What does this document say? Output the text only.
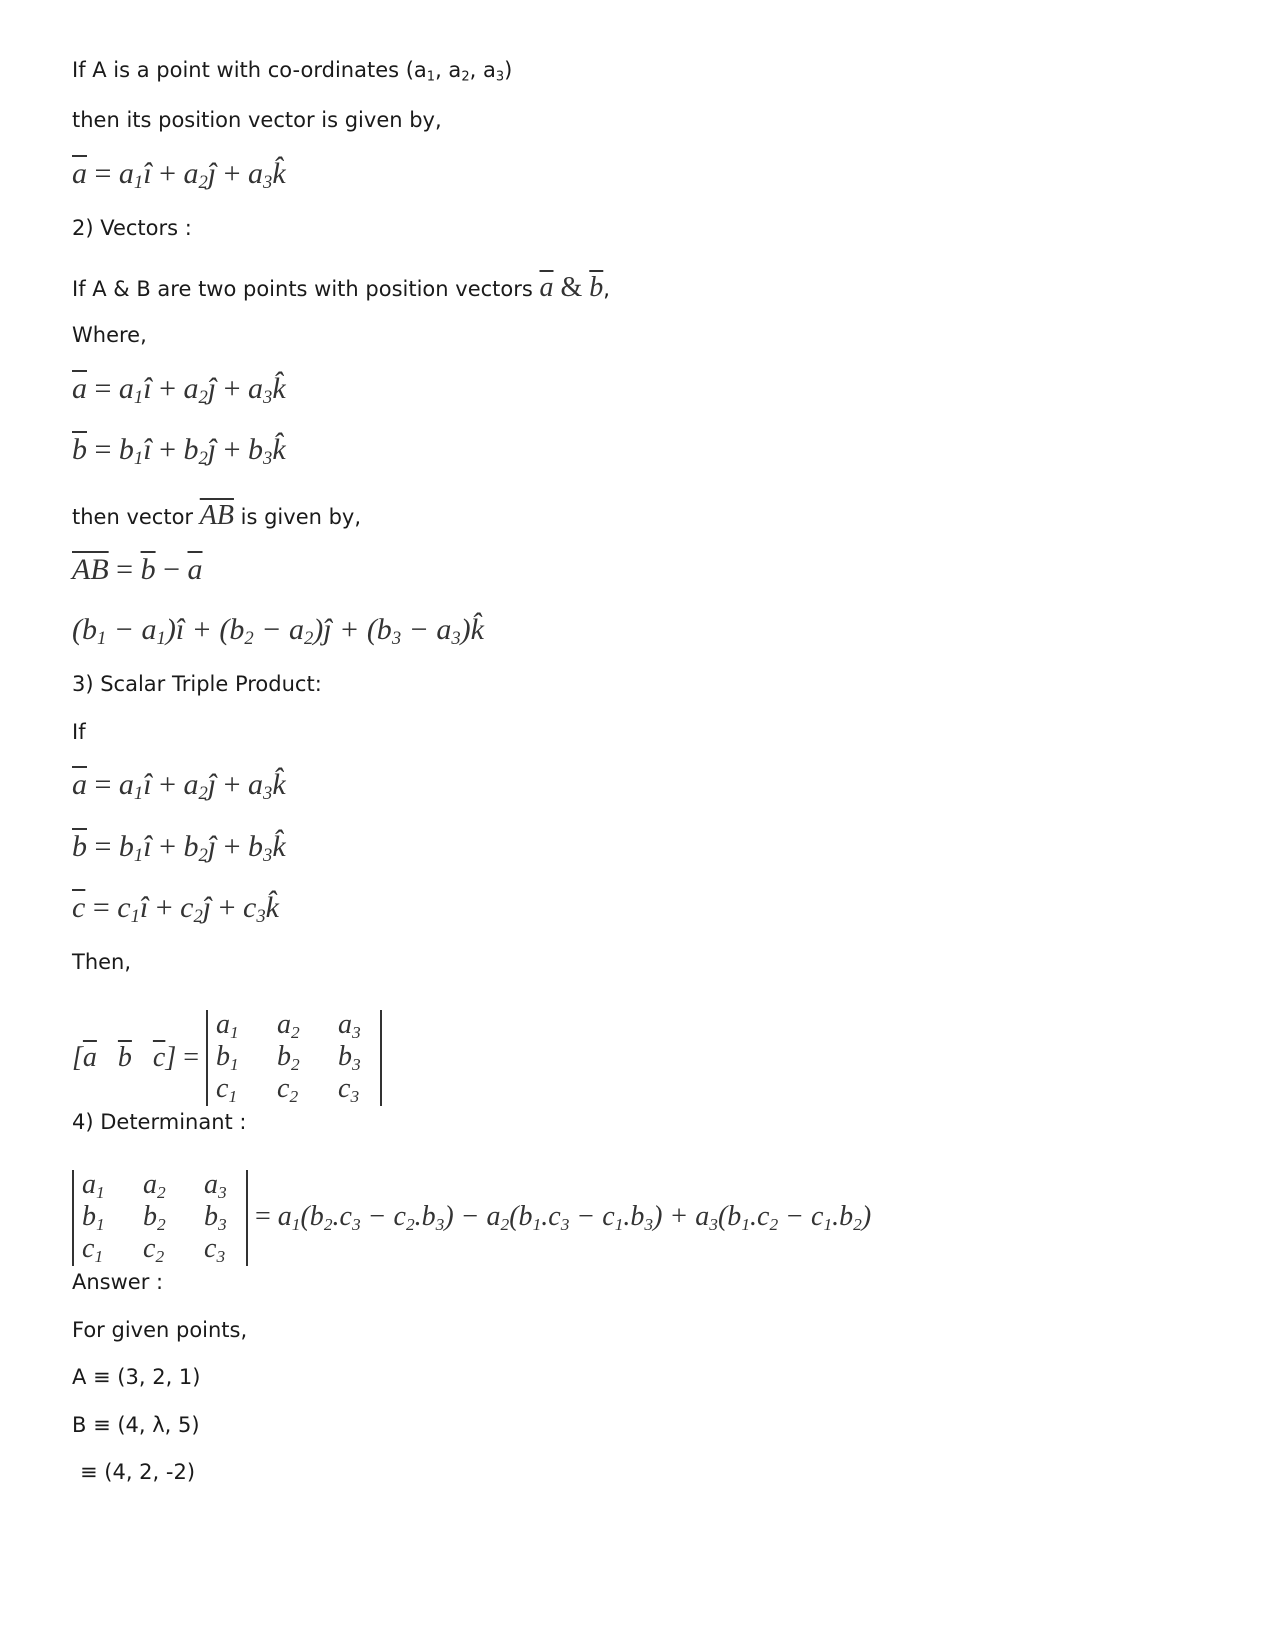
If A is a point with co-ordinates ($a_1$, $a_2$, $a_3$)
then its position vector is given by,
$\overline{a}$ = $a_1î$ + $a_2ĵ$ + $a_3k̂$
2) Vectors :
If A & B are two points with position vectors $\overline{a}$ & $\overline{b}$,
Where,
$\overline{a}$ = $a_1î$ + $a_2ĵ$ + $a_3k̂$
$\overline{b}$ = $b_1î$ + $b_2ĵ$ + $b_3k̂$
then vector $\overline{AB}$ is given by,
$\overline{AB} = \overline{b} - \overline{a}$
($b_1$ − $a_1)î + (b_2$ − $a_2)ĵ + (b_3$ − $a_3)k̂$
3) Scalar Triple Product:
If
$\overline{a}$ = $a_1î$ + $a_2ĵ$ + $a_3k̂$
$\overline{b}$ = $b_1î$ + $b_2ĵ$ + $b_3k̂$
$\overline{c}$ = $c_1î$ + $c_2ĵ$ + $c_3k̂$
Then,
[$\overline{a}$ $\overline{b}$ $\overline{c}$] =
$a_1$	$a_2$	$a_3$
$b_1$	$b_2$	$b_3$
$c_1$	$c_2$	$c_3$
4) Determinant :
$a_1$	$a_2$	$a_3$
$b_1$	$b_2$	$b_3$
$c_1$	$c_2$	$c_3$
= $a_1(b_2.c_3 - c_2.b_3) - a_2(b_1.c_3 - c_1.b_3) + a_3(b_1.c_2 - c_1.b_2)$
Answer :
For given points,
A ≡ (3, 2, 1)
B ≡ (4, λ, 5)
≡ (4, 2, -2)
